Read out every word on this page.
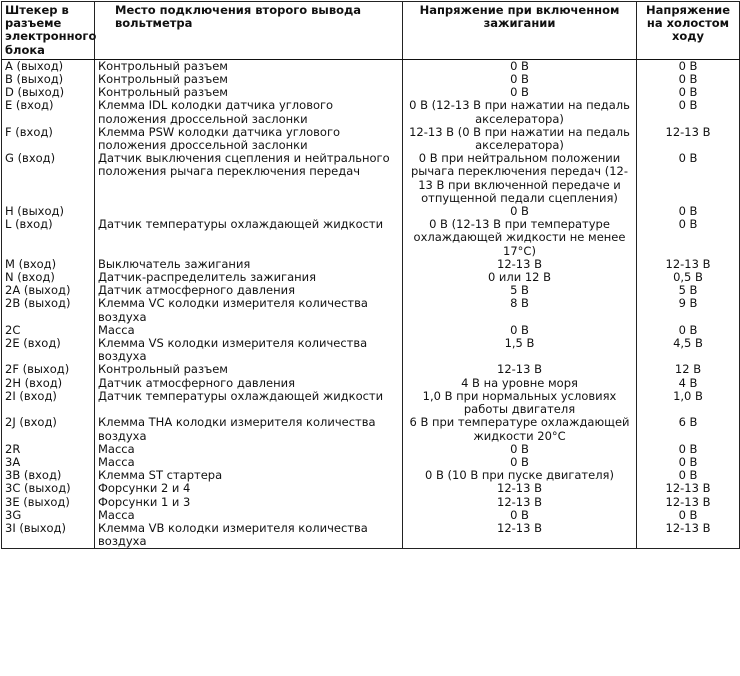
Штекер в разъеме электронного блока	Место подключения второго вывода вольтметра	Напряжение при включенном зажигании	Напряжение на холостом ходу
A (выход)	Контрольный разъем	0 В	0 В
B (выход)	Контрольный разъем	0 В	0 В
D (выход)	Контрольный разъем	0 В	0 В
E (вход)	Клемма IDL колодки датчика углового положения дроссельной заслонки	0 В (12-13 В при нажатии на педаль акселератора)	0 В
F (вход)	Клемма PSW колодки датчика углового положения дроссельной заслонки	12-13 В (0 В при нажатии на педаль акселератора)	12-13 В
G (вход)	Датчик выключения сцепления и нейтрального положения рычага переключения передач	0 В при нейтральном положении рычага переключения передач (12-13 В при включенной передаче и отпущенной педали сцепления)	0 В
H (выход)		0 В	0 В
L (вход)	Датчик температуры охлаждающей жидкости	0 В (12-13 В при температуре охлаждающей жидкости не менее 17°С)	0 В
M (вход)	Выключатель зажигания	12-13 В	12-13 В
N (вход)	Датчик-распределитель зажигания	0 или 12 В	0,5 В
2A (выход)	Датчик атмосферного давления	5 В	5 В
2B (выход)	Клемма VC колодки измерителя количества воздуха	8 В	9 В
2C	Масса	0 В	0 В
2E (вход)	Клемма VS колодки измерителя количества воздуха	1,5 В	4,5 В
2F (выход)	Контрольный разъем	12-13 В	12 В
2H (вход)	Датчик атмосферного давления	4 В на уровне моря	4 В
2I (вход)	Датчик температуры охлаждающей жидкости	1,0 В при нормальных условиях работы двигателя	1,0 В
2J (вход)	Клемма THA колодки измерителя количества воздуха	6 В при температуре охлаждающей жидкости 20°С	6 В
2R	Масса	0 В	0 В
3A	Масса	0 В	0 В
3B (вход)	Клемма ST стартера	0 В (10 В при пуске двигателя)	0 В
3C (выход)	Форсунки 2 и 4	12-13 В	12-13 В
3E (выход)	Форсунки 1 и 3	12-13 В	12-13 В
3G	Масса	0 В	0 В
3I (выход)	Клемма VB колодки измерителя количества воздуха	12-13 В	12-13 В
